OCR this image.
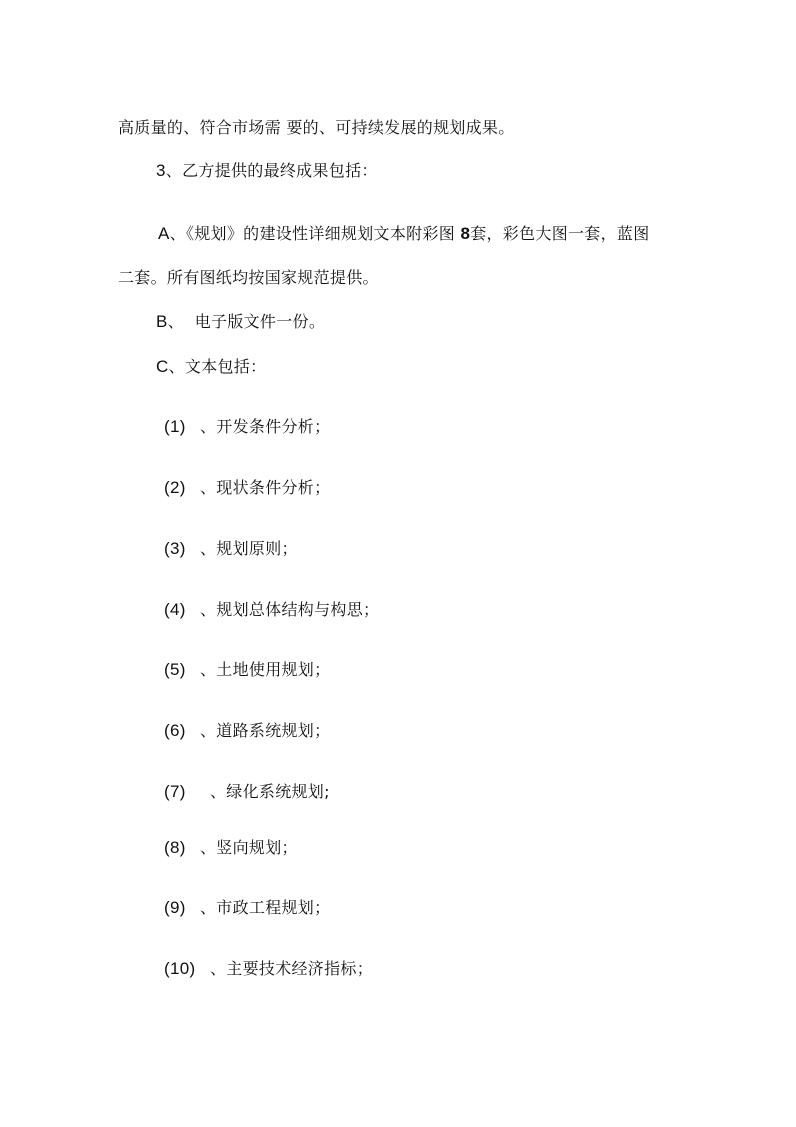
高质量的、符合市场需 要的、可持续发展的规划成果。
3、乙方提供的最终成果包括：
A、《规划》的建设性详细规划文本附彩图 8套，彩色大图一套，蓝图
二套。所有图纸均按国家规范提供。
B、  电子版文件一份。
C、文本包括：
(1) 、开发条件分析；
(2) 、现状条件分析；
(3) 、规划原则；
(4) 、规划总体结构与构思；
(5) 、土地使用规划；
(6) 、道路系统规划；
(7) 、绿化系统规划;
(8) 、竖向规划；
(9) 、市政工程规划；
(10) 、主要技术经济指标；
